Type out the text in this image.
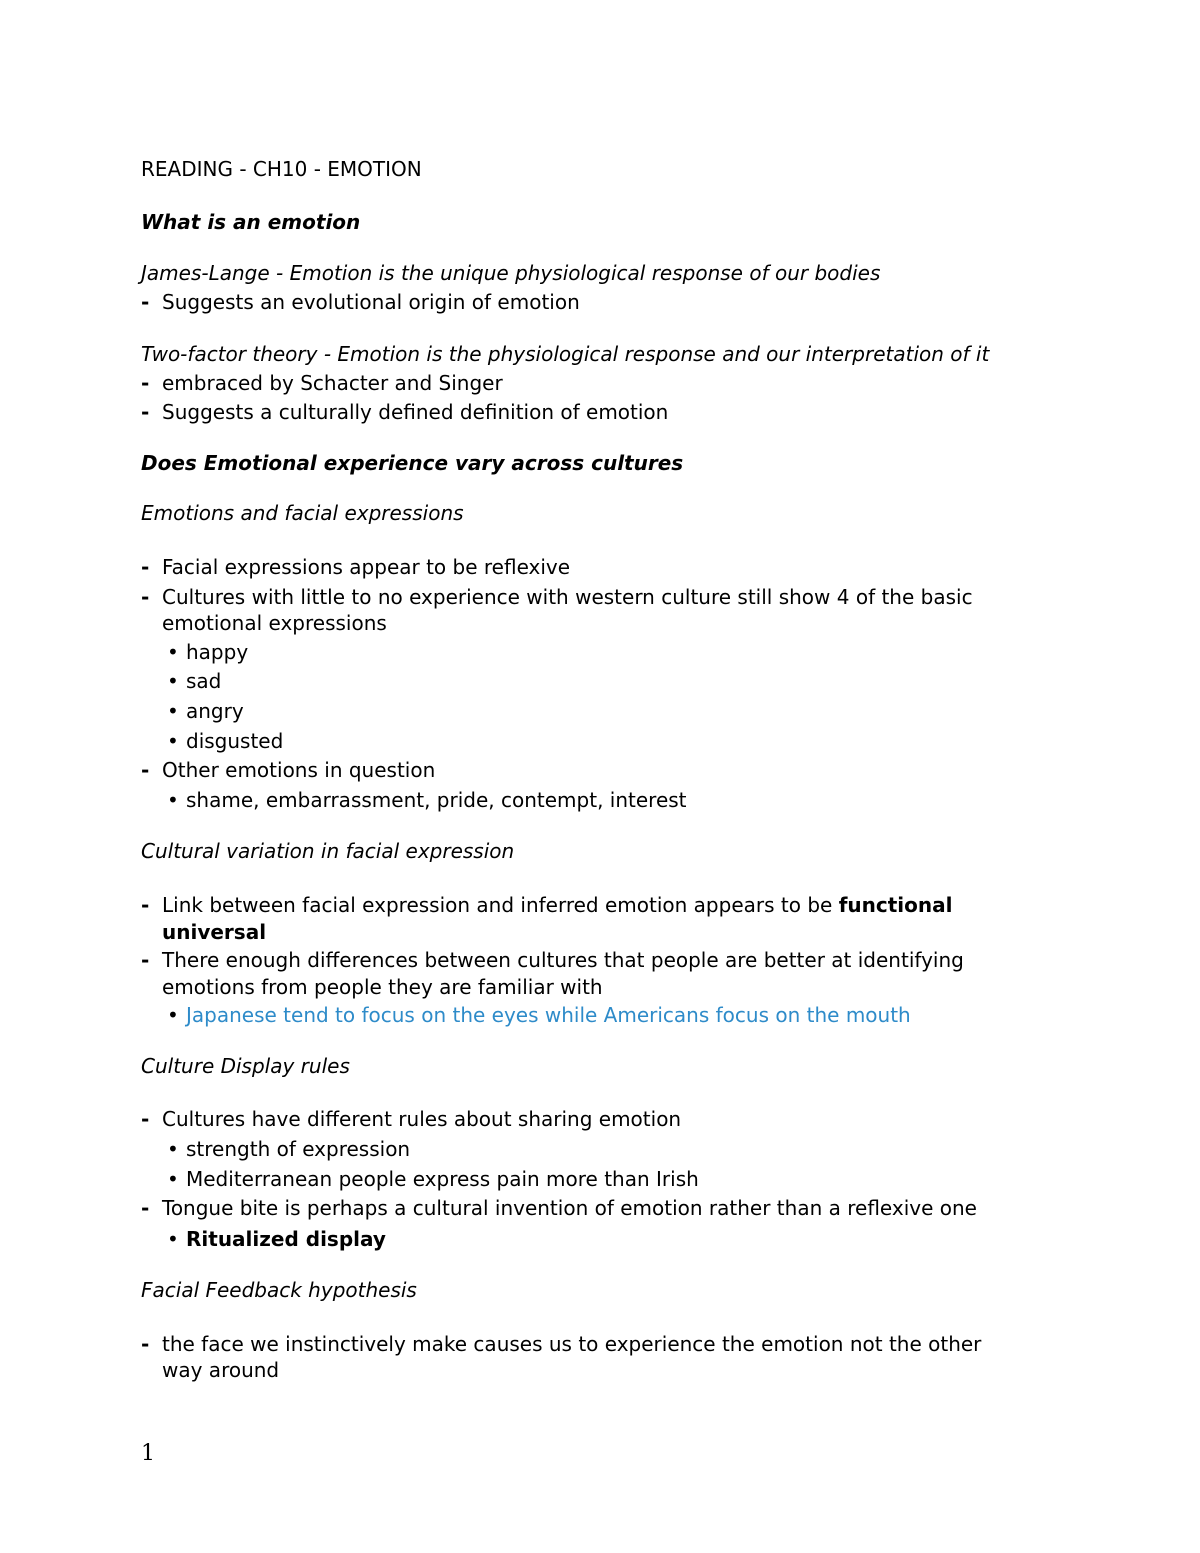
READING - CH10 - EMOTION
What is an emotion
James-Lange - Emotion is the unique physiological response of our bodies
- Suggests an evolutional origin of emotion
Two-factor theory - Emotion is the physiological response and our interpretation of it
- embraced by Schacter and Singer
- Suggests a culturally defined definition of emotion
Does Emotional experience vary across cultures
Emotions and facial expressions
- Facial expressions appear to be reflexive
- Cultures with little to no experience with western culture still show 4 of the basic
emotional expressions
• happy
• sad
• angry
• disgusted
- Other emotions in question
• shame, embarrassment, pride, contempt, interest
Cultural variation in facial expression
- Link between facial expression and inferred emotion appears to be functional
universal
- There enough differences between cultures that people are better at identifying
emotions from people they are familiar with
• Japanese tend to focus on the eyes while Americans focus on the mouth
Culture Display rules
- Cultures have different rules about sharing emotion
• strength of expression
• Mediterranean people express pain more than Irish
- Tongue bite is perhaps a cultural invention of emotion rather than a reflexive one
• Ritualized display
Facial Feedback hypothesis
- the face we instinctively make causes us to experience the emotion not the other
way around
1
